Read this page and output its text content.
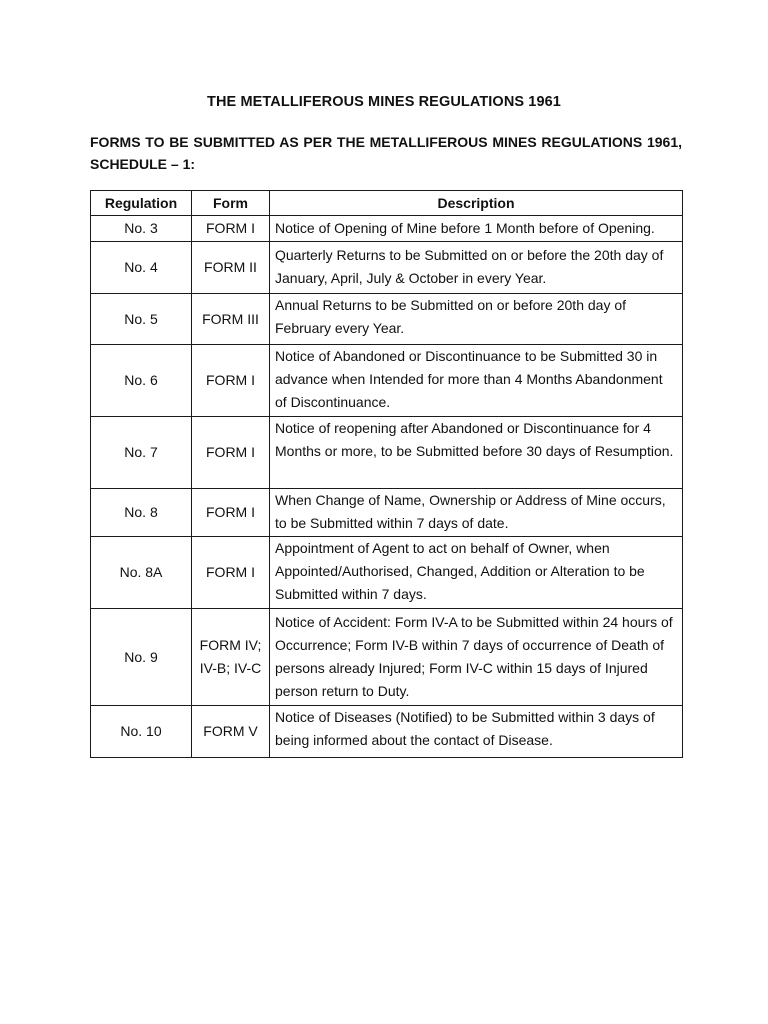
THE METALLIFEROUS MINES REGULATIONS 1961
FORMS TO BE SUBMITTED AS PER THE METALLIFEROUS MINES REGULATIONS 1961,
SCHEDULE – 1:
Regulation	Form	Description
No. 3	FORM I	Notice of Opening of Mine before 1 Month before of Opening.
No. 4	FORM II	Quarterly Returns to be Submitted on or before the 20th day of January, April, July & October in every Year.
No. 5	FORM III	Annual Returns to be Submitted on or before 20th day of February every Year.
No. 6	FORM I	Notice of Abandoned or Discontinuance to be Submitted 30 in advance when Intended for more than 4 Months Abandonment of Discontinuance.
No. 7	FORM I	Notice of reopening after Abandoned or Discontinuance for 4 Months or more, to be Submitted before 30 days of Resumption.
No. 8	FORM I	When Change of Name, Ownership or Address of Mine occurs, to be Submitted within 7 days of date.
No. 8A	FORM I	Appointment of Agent to act on behalf of Owner, when Appointed/Authorised, Changed, Addition or Alteration to be Submitted within 7 days.
No. 9	FORM IV; IV-B; IV-C	Notice of Accident: Form IV-A to be Submitted within 24 hours of Occurrence; Form IV-B within 7 days of occurrence of Death of persons already Injured; Form IV-C within 15 days of Injured person return to Duty.
No. 10	FORM V	Notice of Diseases (Notified) to be Submitted within 3 days of being informed about the contact of Disease.
